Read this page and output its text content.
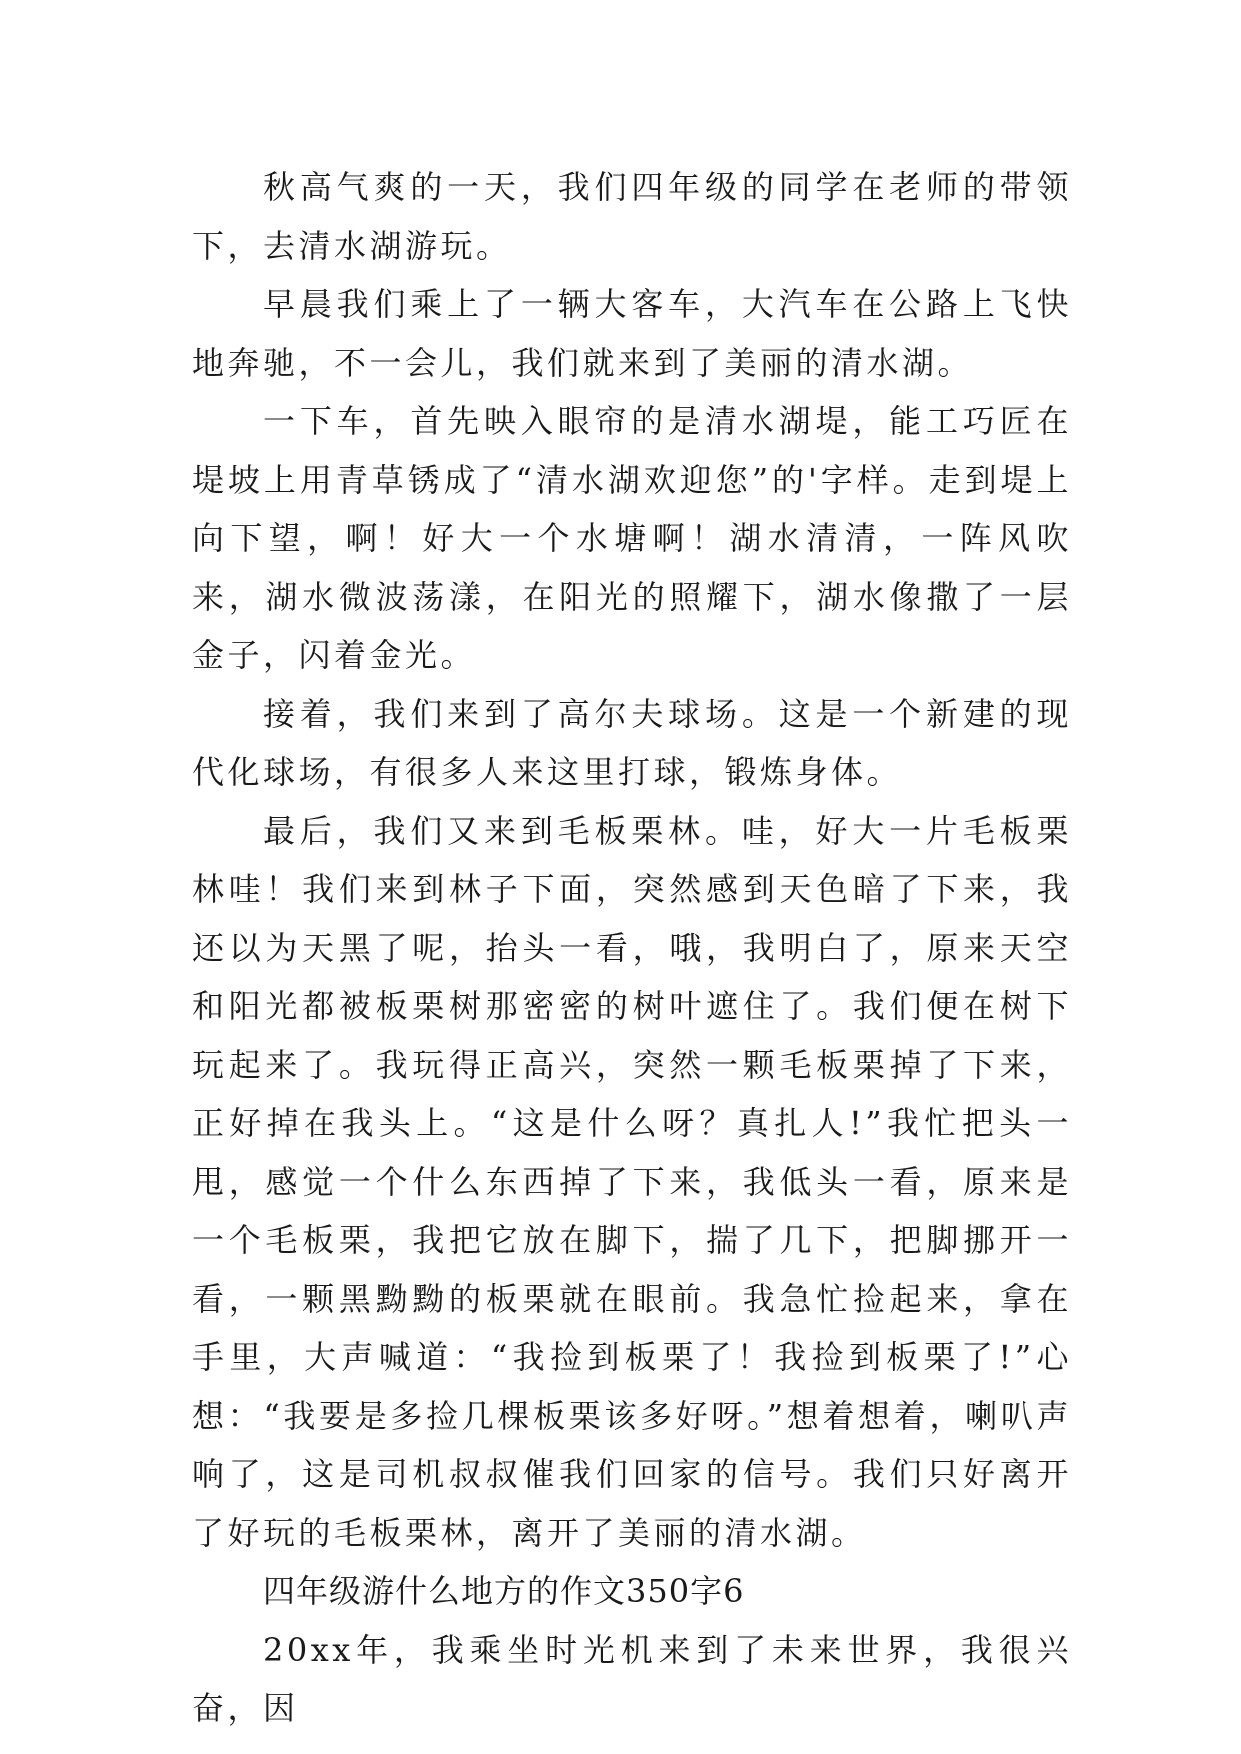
秋高气爽的一天，我们四年级的同学在老师的带领下，去清水湖游玩。

早晨我们乘上了一辆大客车，大汽车在公路上飞快地奔驰，不一会儿，我们就来到了美丽的清水湖。

一下车，首先映入眼帘的是清水湖堤，能工巧匠在堤坡上用青草锈成了“清水湖欢迎您”的'字样。走到堤上向下望，啊！好大一个水塘啊！湖水清清，一阵风吹来，湖水微波荡漾，在阳光的照耀下，湖水像撒了一层金子，闪着金光。

接着，我们来到了高尔夫球场。这是一个新建的现代化球场，有很多人来这里打球，锻炼身体。

最后，我们又来到毛板栗林。哇，好大一片毛板栗林哇！我们来到林子下面，突然感到天色暗了下来，我还以为天黑了呢，抬头一看，哦，我明白了，原来天空和阳光都被板栗树那密密的树叶遮住了。我们便在树下玩起来了。我玩得正高兴，突然一颗毛板栗掉了下来，正好掉在我头上。“这是什么呀？真扎人!”我忙把头一甩，感觉一个什么东西掉了下来，我低头一看，原来是一个毛板栗，我把它放在脚下，揣了几下，把脚挪开一看，一颗黑黝黝的板栗就在眼前。我急忙捡起来，拿在手里，大声喊道：“我捡到板栗了！我捡到板栗了!”心想：“我要是多捡几棵板栗该多好呀。”想着想着，喇叭声响了，这是司机叔叔催我们回家的信号。我们只好离开了好玩的毛板栗林，离开了美丽的清水湖。

四年级游什么地方的作文350字6

20xx年，我乘坐时光机来到了未来世界，我很兴奋，因
